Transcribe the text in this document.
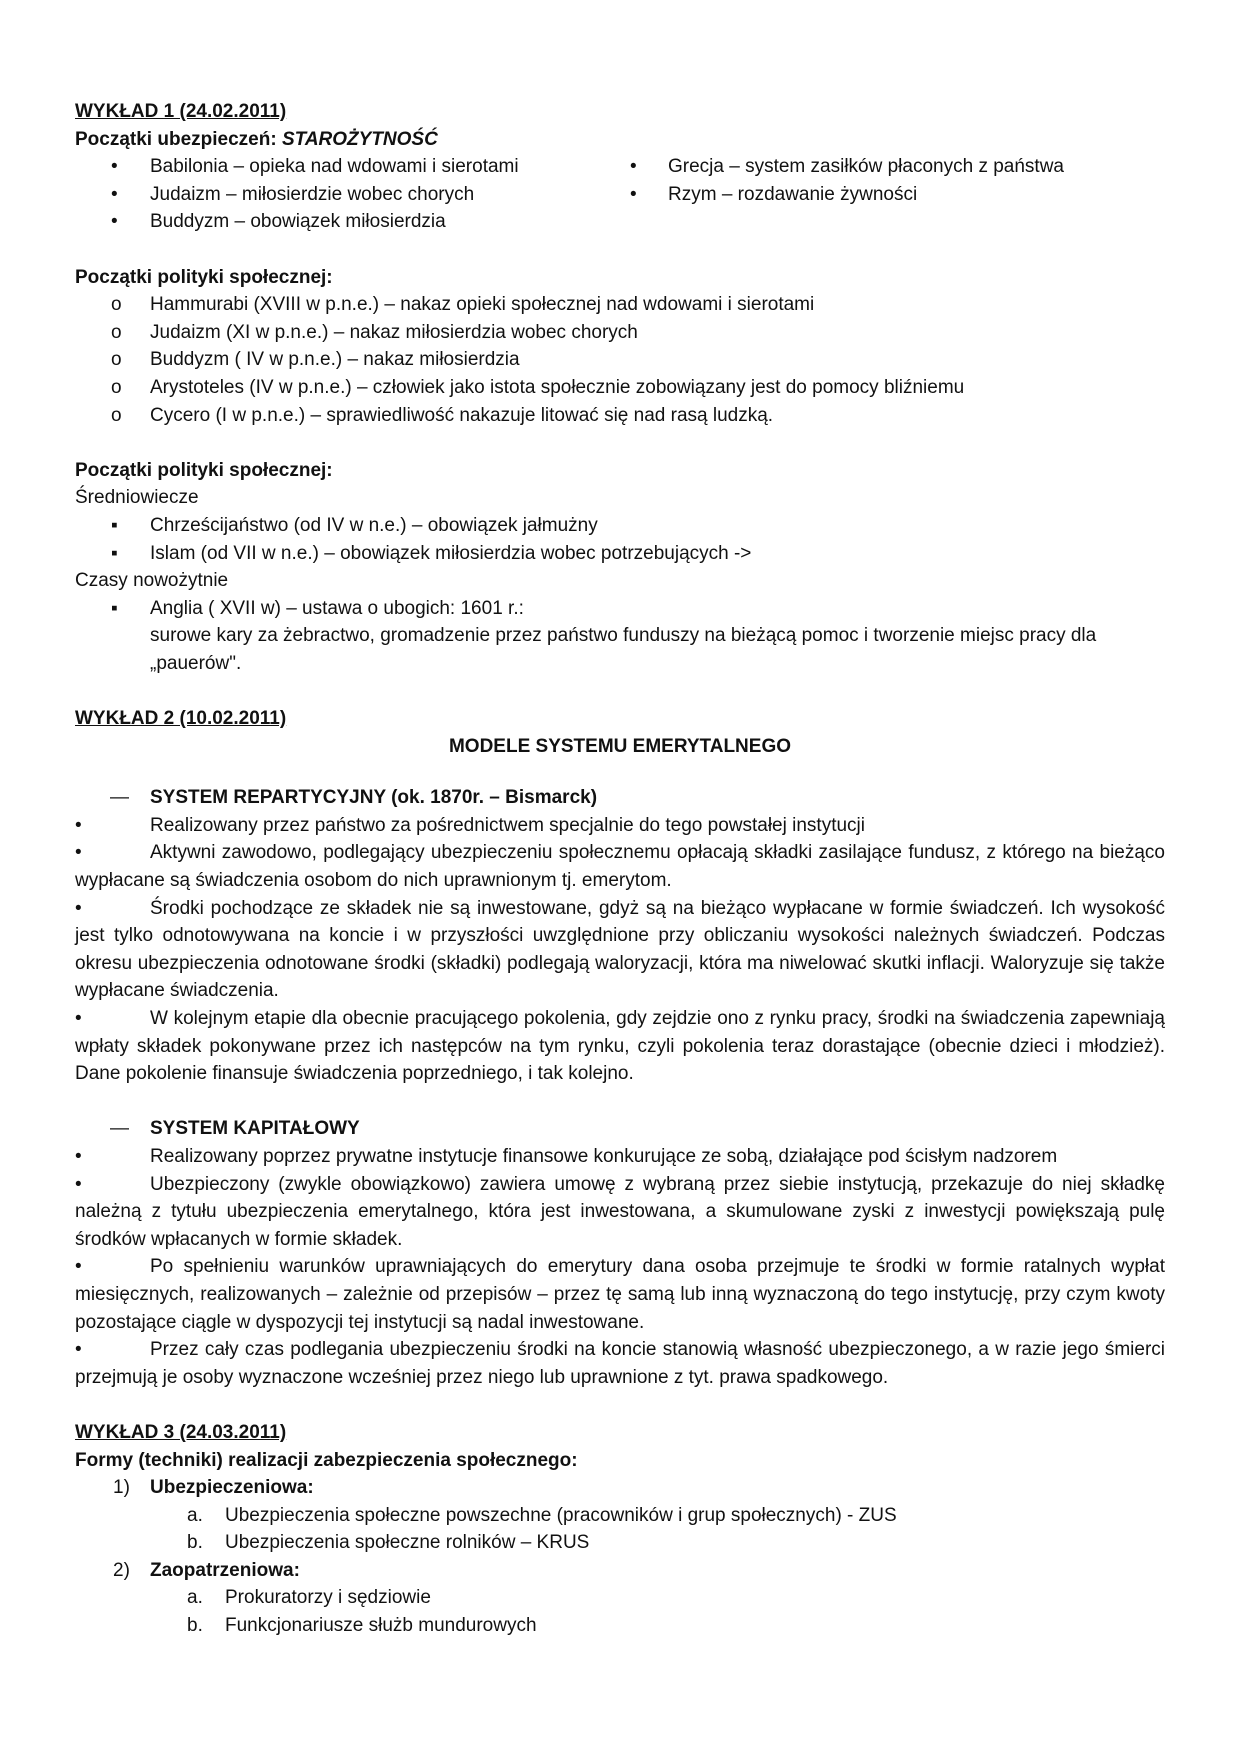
WYKŁAD 1 (24.02.2011)
Początki ubezpieczeń: STAROŻYTNOŚĆ
•	Babilonia – opieka nad wdowami i sierotami
•	Judaizm – miłosierdzie wobec chorych
•	Buddyzm – obowiązek miłosierdzia
•	Grecja – system zasiłków płaconych z państwa
•	Rzym – rozdawanie żywności
Początki polityki społecznej:
o	Hammurabi (XVIII w p.n.e.) – nakaz opieki społecznej nad wdowami i sierotami
o	Judaizm (XI w p.n.e.) – nakaz miłosierdzia wobec chorych
o	Buddyzm ( IV w p.n.e.) – nakaz miłosierdzia
o	Arystoteles (IV w p.n.e.) – człowiek jako istota społecznie zobowiązany jest do pomocy bliźniemu
o	Cycero (I w p.n.e.) – sprawiedliwość nakazuje litować się nad rasą ludzką.
Początki polityki społecznej:
Średniowiecze
▪	Chrześcijaństwo (od IV w n.e.) – obowiązek jałmużny
▪	Islam (od VII w n.e.) – obowiązek miłosierdzia wobec potrzebujących ->
Czasy nowożytnie
▪	Anglia ( XVII w) – ustawa o ubogich: 1601 r.:
surowe kary za żebractwo, gromadzenie przez państwo funduszy na bieżącą pomoc i tworzenie miejsc pracy dla „pauerów".
WYKŁAD 2 (10.02.2011)
MODELE SYSTEMU EMERYTALNEGO
— SYSTEM REPARTYCYJNY (ok. 1870r. – Bismarck)
•	Realizowany przez państwo za pośrednictwem specjalnie do tego powstałej instytucji
•	Aktywni zawodowo, podlegający ubezpieczeniu społecznemu opłacają składki zasilające fundusz, z którego na bieżąco wypłacane są świadczenia osobom do nich uprawnionym tj. emerytom.
•	Środki pochodzące ze składek nie są inwestowane, gdyż są na bieżąco wypłacane w formie świadczeń. Ich wysokość jest tylko odnotowywana na koncie i w przyszłości uwzględnione przy obliczaniu wysokości należnych świadczeń. Podczas okresu ubezpieczenia odnotowane środki (składki) podlegają waloryzacji, która ma niwelować skutki inflacji. Waloryzuje się także wypłacane świadczenia.
•	W kolejnym etapie dla obecnie pracującego pokolenia, gdy zejdzie ono z rynku pracy, środki na świadczenia zapewniają wpłaty składek pokonywane przez ich następców na tym rynku, czyli pokolenia teraz dorastające (obecnie dzieci i młodzież). Dane pokolenie finansuje świadczenia poprzedniego, i tak kolejno.
— SYSTEM KAPITAŁOWY
•	Realizowany poprzez prywatne instytucje finansowe konkurujące ze sobą, działające pod ścisłym nadzorem
•	Ubezpieczony (zwykle obowiązkowo) zawiera umowę z wybraną przez siebie instytucją, przekazuje do niej składkę należną z tytułu ubezpieczenia emerytalnego, która jest inwestowana, a skumulowane zyski z inwestycji powiększają pulę środków wpłacanych w formie składek.
•	Po spełnieniu warunków uprawniających do emerytury dana osoba przejmuje te środki w formie ratalnych wypłat miesięcznych, realizowanych – zależnie od przepisów – przez tę samą lub inną wyznaczoną do tego instytucję, przy czym kwoty pozostające ciągle w dyspozycji tej instytucji są nadal inwestowane.
•	Przez cały czas podlegania ubezpieczeniu środki na koncie stanowią własność ubezpieczonego, a w razie jego śmierci przejmują je osoby wyznaczone wcześniej przez niego lub uprawnione z tyt. prawa spadkowego.
WYKŁAD 3 (24.03.2011)
Formy (techniki) realizacji zabezpieczenia społecznego:
1) Ubezpieczeniowa:
a. Ubezpieczenia społeczne powszechne (pracowników i grup społecznych) - ZUS
b. Ubezpieczenia społeczne rolników – KRUS
2) Zaopatrzeniowa:
a. Prokuratorzy i sędziowie
b. Funkcjonariusze służb mundurowych
